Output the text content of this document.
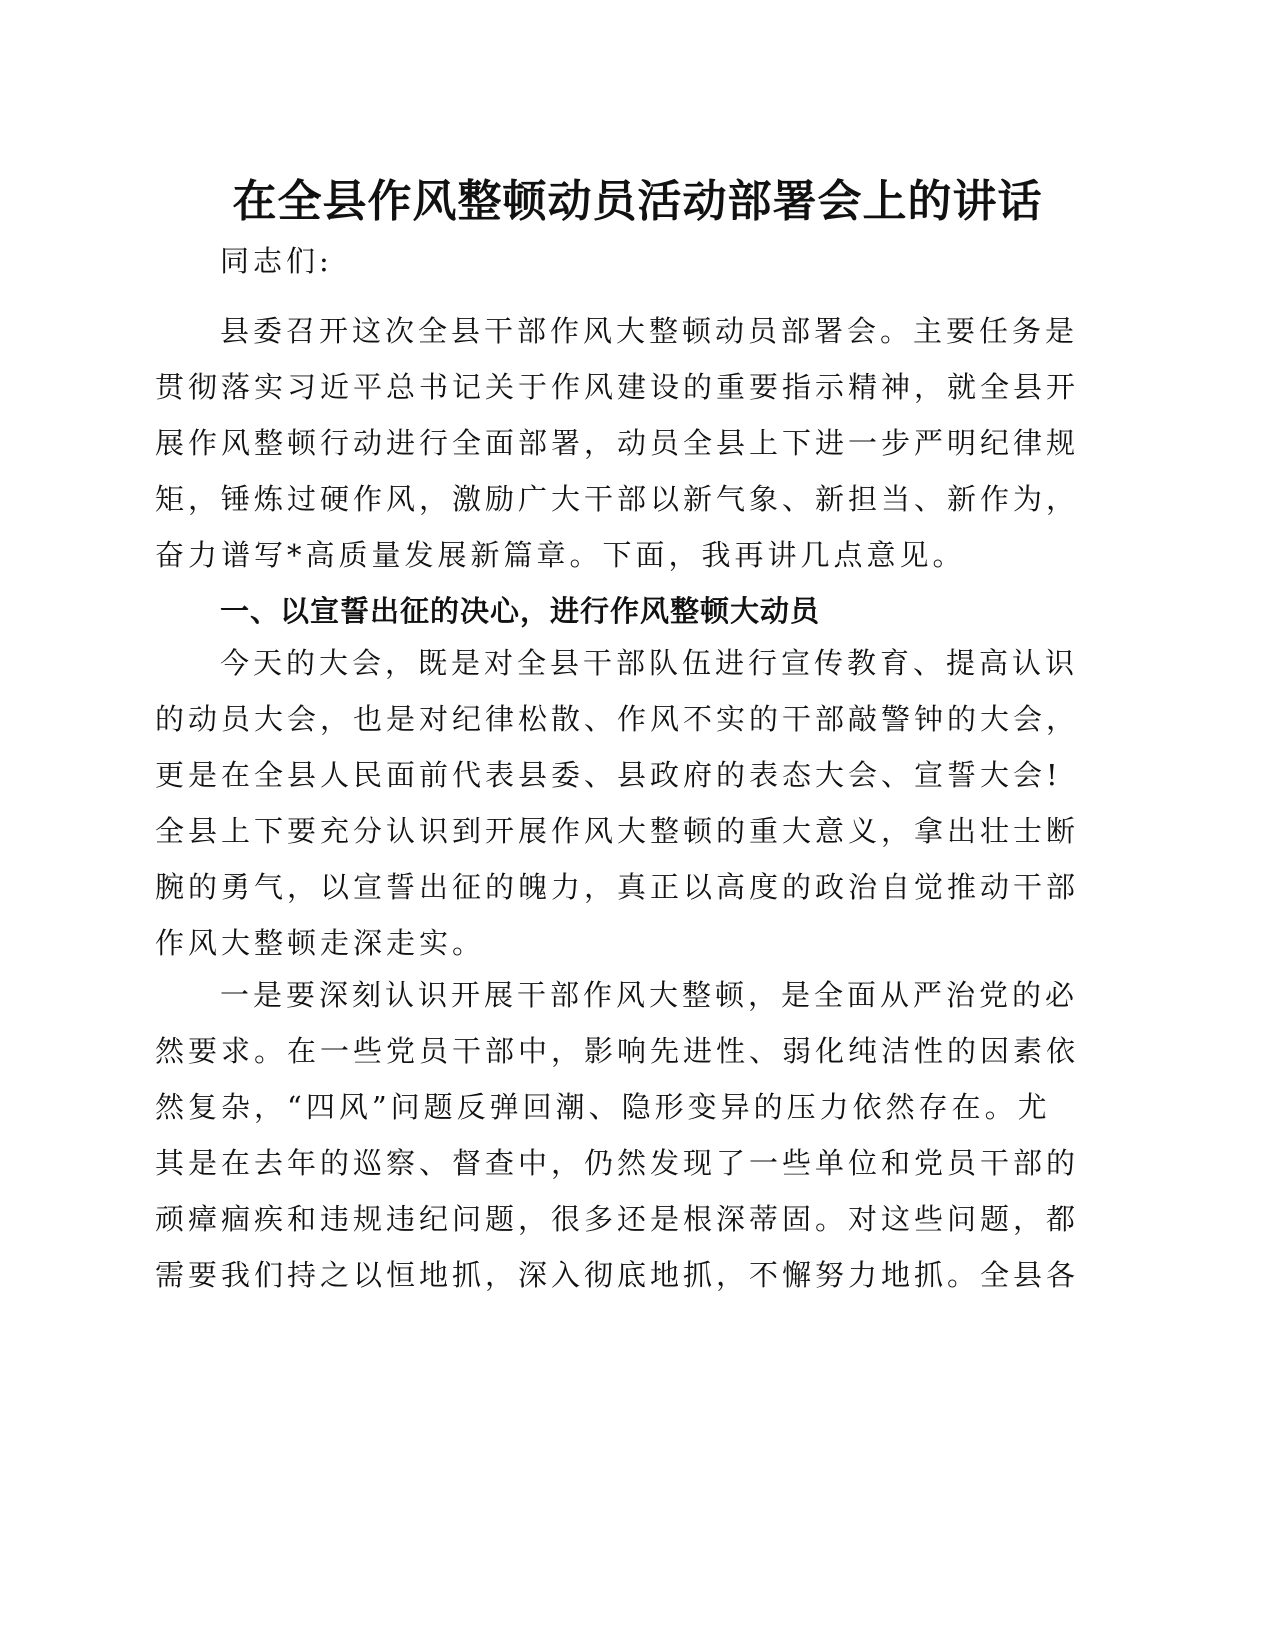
在全县作风整顿动员活动部署会上的讲话
同志们:
县委召开这次全县干部作风大整顿动员部署会。主要任务是
贯彻落实习近平总书记关于作风建设的重要指示精神，就全县开
展作风整顿行动进行全面部署，动员全县上下进一步严明纪律规
矩，锤炼过硬作风，激励广大干部以新气象、新担当、新作为，
奋力谱写*高质量发展新篇章。下面，我再讲几点意见。
一、以宣誓出征的决心，进行作风整顿大动员
今天的大会，既是对全县干部队伍进行宣传教育、提高认识
的动员大会，也是对纪律松散、作风不实的干部敲警钟的大会，
更是在全县人民面前代表县委、县政府的表态大会、宣誓大会!
全县上下要充分认识到开展作风大整顿的重大意义，拿出壮士断
腕的勇气，以宣誓出征的魄力，真正以高度的政治自觉推动干部
作风大整顿走深走实。
一是要深刻认识开展干部作风大整顿，是全面从严治党的必
然要求。在一些党员干部中，影响先进性、弱化纯洁性的因素依
然复杂，“四风”问题反弹回潮、隐形变异的压力依然存在。尤
其是在去年的巡察、督查中，仍然发现了一些单位和党员干部的
顽瘴痼疾和违规违纪问题，很多还是根深蒂固。对这些问题，都
需要我们持之以恒地抓，深入彻底地抓，不懈努力地抓。全县各
